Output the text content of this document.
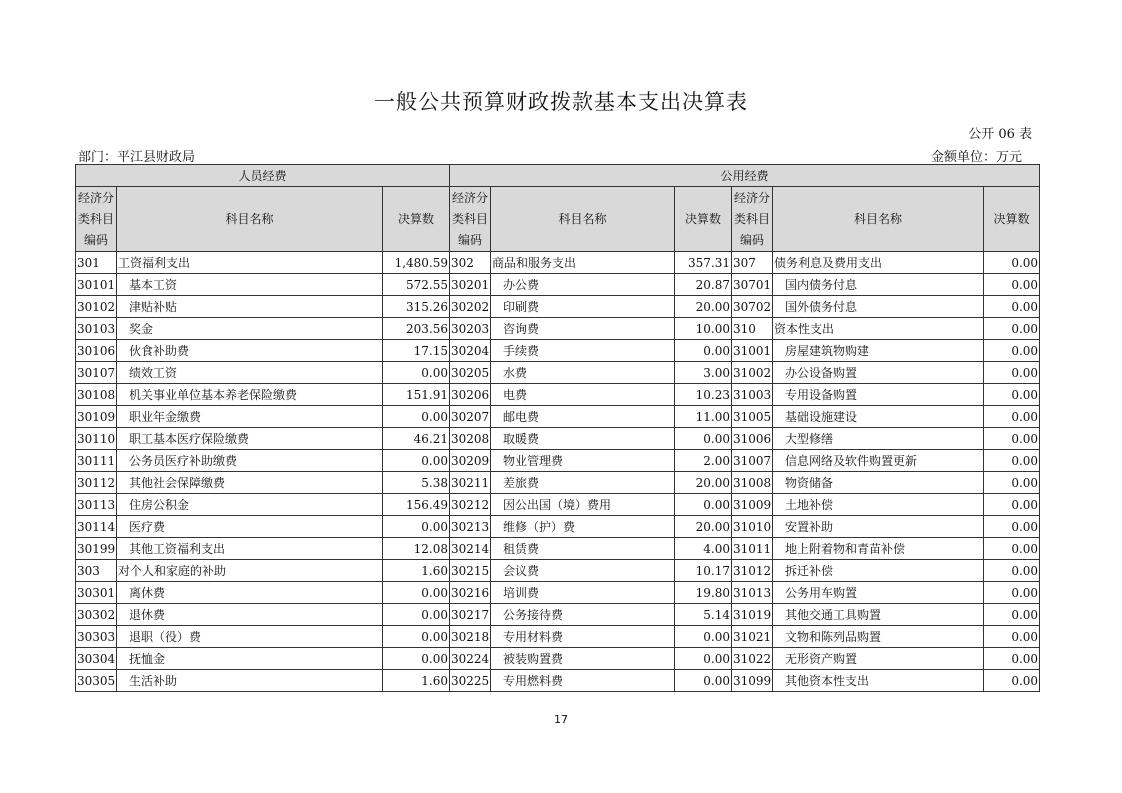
一般公共预算财政拨款基本支出决算表
公开 06 表
部门：平江县财政局	金额单位：万元
人员经费			公用经费					
经济分类科目编码	科目名称	决算数	经济分类科目编码	科目名称	决算数	经济分类科目编码	科目名称	决算数
301	工资福利支出	1,480.59	302	商品和服务支出	357.31	307	债务利息及费用支出	0.00
30101	基本工资	572.55	30201	办公费	20.87	30701	国内债务付息	0.00
30102	津贴补贴	315.26	30202	印刷费	20.00	30702	国外债务付息	0.00
30103	奖金	203.56	30203	咨询费	10.00	310	资本性支出	0.00
30106	伙食补助费	17.15	30204	手续费	0.00	31001	房屋建筑物购建	0.00
30107	绩效工资	0.00	30205	水费	3.00	31002	办公设备购置	0.00
30108	机关事业单位基本养老保险缴费	151.91	30206	电费	10.23	31003	专用设备购置	0.00
30109	职业年金缴费	0.00	30207	邮电费	11.00	31005	基础设施建设	0.00
30110	职工基本医疗保险缴费	46.21	30208	取暖费	0.00	31006	大型修缮	0.00
30111	公务员医疗补助缴费	0.00	30209	物业管理费	2.00	31007	信息网络及软件购置更新	0.00
30112	其他社会保障缴费	5.38	30211	差旅费	20.00	31008	物资储备	0.00
30113	住房公积金	156.49	30212	因公出国（境）费用	0.00	31009	土地补偿	0.00
30114	医疗费	0.00	30213	维修（护）费	20.00	31010	安置补助	0.00
30199	其他工资福利支出	12.08	30214	租赁费	4.00	31011	地上附着物和青苗补偿	0.00
303	对个人和家庭的补助	1.60	30215	会议费	10.17	31012	拆迁补偿	0.00
30301	离休费	0.00	30216	培训费	19.80	31013	公务用车购置	0.00
30302	退休费	0.00	30217	公务接待费	5.14	31019	其他交通工具购置	0.00
30303	退职（役）费	0.00	30218	专用材料费	0.00	31021	文物和陈列品购置	0.00
30304	抚恤金	0.00	30224	被装购置费	0.00	31022	无形资产购置	0.00
30305	生活补助	1.60	30225	专用燃料费	0.00	31099	其他资本性支出	0.00
17
